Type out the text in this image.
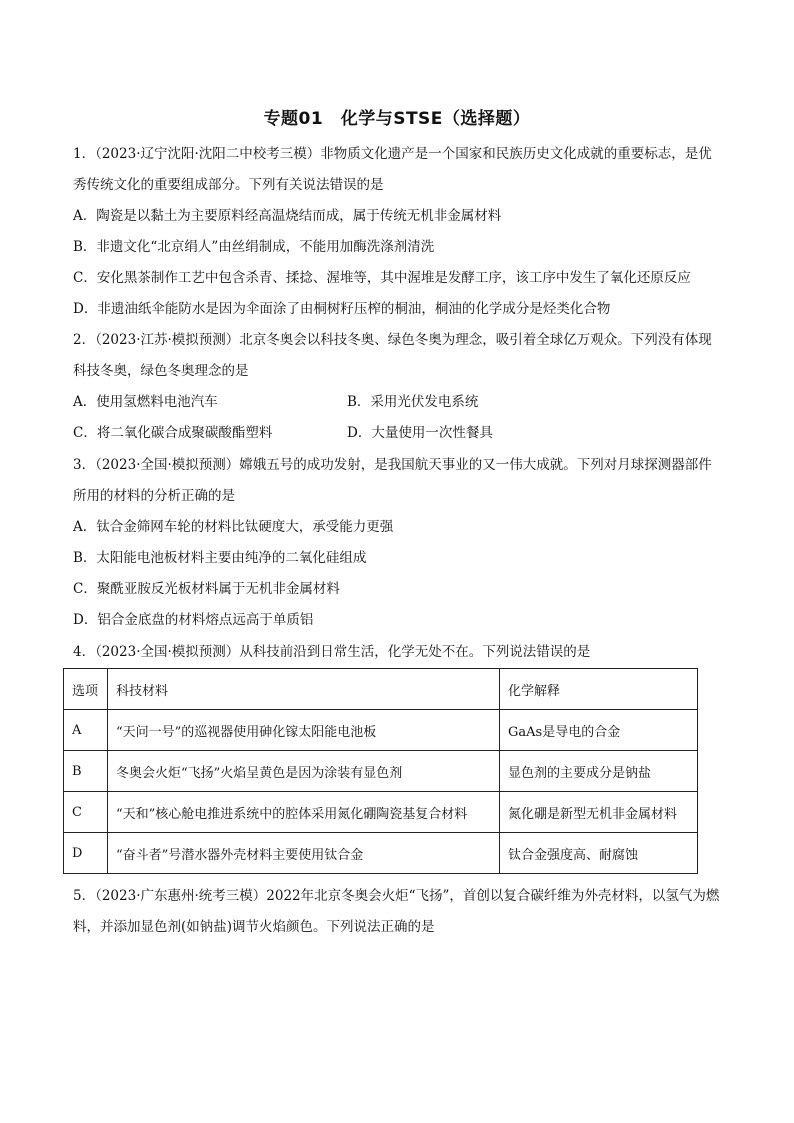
专题01　化学与STSE（选择题）
1．（2023·辽宁沈阳·沈阳二中校考三模）非物质文化遗产是一个国家和民族历史文化成就的重要标志，是优
秀传统文化的重要组成部分。下列有关说法错误的是
A．陶瓷是以黏土为主要原料经高温烧结而成，属于传统无机非金属材料
B．非遗文化“北京绢人”由丝绢制成，不能用加酶洗涤剂清洗
C．安化黑茶制作工艺中包含杀青、揉捻、渥堆等，其中渥堆是发酵工序，该工序中发生了氧化还原反应
D．非遗油纸伞能防水是因为伞面涂了由桐树籽压榨的桐油，桐油的化学成分是烃类化合物
2．（2023·江苏·模拟预测）北京冬奥会以科技冬奥、绿色冬奥为理念，吸引着全球亿万观众。下列没有体现
科技冬奥，绿色冬奥理念的是
A．使用氢燃料电池汽车	B．采用光伏发电系统
C．将二氧化碳合成聚碳酸酯塑料	D．大量使用一次性餐具
3．（2023·全国·模拟预测）嫦娥五号的成功发射，是我国航天事业的又一伟大成就。下列对月球探测器部件
所用的材料的分析正确的是
A．钛合金筛网车轮的材料比钛硬度大，承受能力更强
B．太阳能电池板材料主要由纯净的二氧化硅组成
C．聚酰亚胺反光板材料属于无机非金属材料
D．铝合金底盘的材料熔点远高于单质铝
4．（2023·全国·模拟预测）从科技前沿到日常生活，化学无处不在。下列说法错误的是
选项	科技材料	化学解释
A	“天问一号”的巡视器使用砷化镓太阳能电池板	GaAs是导电的合金
B	冬奥会火炬“飞扬”火焰呈黄色是因为涂装有显色剂	显色剂的主要成分是钠盐
C	“天和”核心舱电推进系统中的腔体采用氮化硼陶瓷基复合材料	氮化硼是新型无机非金属材料
D	“奋斗者”号潜水器外壳材料主要使用钛合金	钛合金强度高、耐腐蚀
5．（2023·广东惠州·统考三模）2022年北京冬奥会火炬“飞扬”，首创以复合碳纤维为外壳材料，以氢气为燃
料，并添加显色剂(如钠盐)调节火焰颜色。下列说法正确的是
